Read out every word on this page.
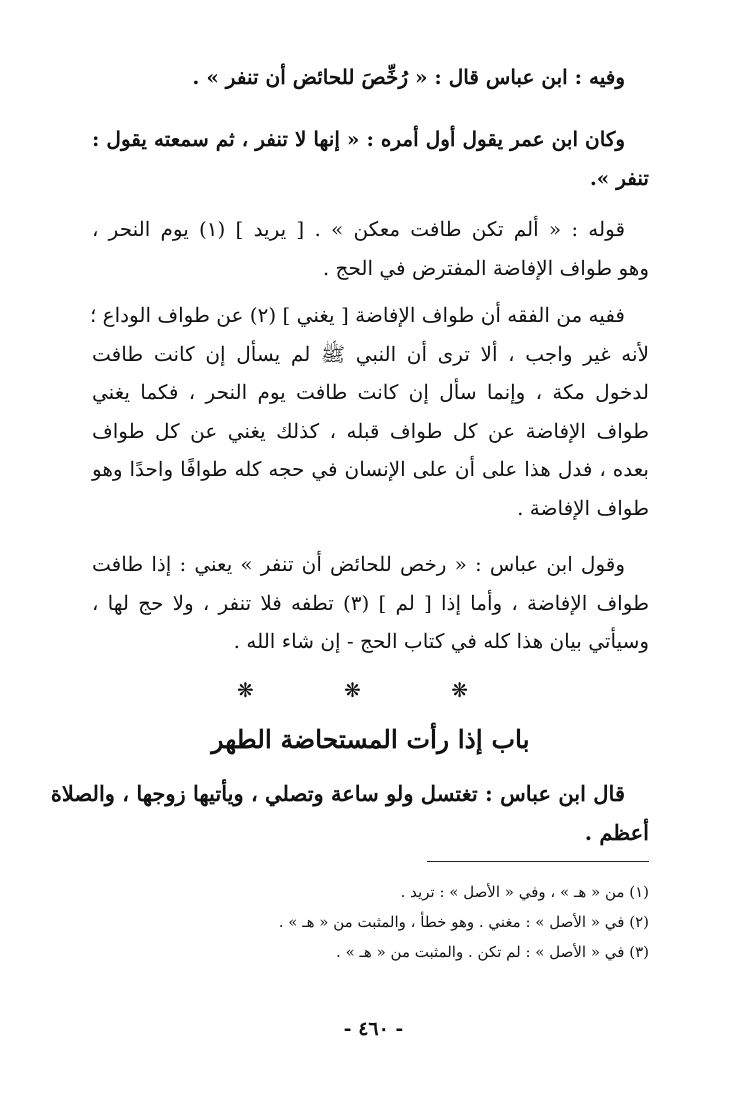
وفيه : ابن عباس قال : « رُخِّصَ للحائض أن تنفر » .
وكان ابن عمر يقول أول أمره : « إنها لا تنفر ، ثم سمعته يقول :
تنفر ».
قوله : « ألم تكن طافت معكن » . [ يريد ] (١) يوم النحر ،
وهو طواف الإفاضة المفترض في الحج .
ففيه من الفقه أن طواف الإفاضة [ يغني ] (٢) عن طواف الوداع ؛
لأنه غير واجب ، ألا ترى أن النبي ﷺ لم يسأل إن كانت طافت
لدخول مكة ، وإنما سأل إن كانت طافت يوم النحر ، فكما يغني
طواف الإفاضة عن كل طواف قبله ، كذلك يغني عن كل طواف
بعده ، فدل هذا على أن على الإنسان في حجه كله طوافًا واحدًا وهو
طواف الإفاضة .
وقول ابن عباس : « رخص للحائض أن تنفر » يعني : إذا طافت
طواف الإفاضة ، وأما إذا [ لم ] (٣) تطفه فلا تنفر ، ولا حج لها ،
وسيأتي بيان هذا كله في كتاب الحج - إن شاء الله .
❋ ❋ ❋
باب إذا رأت المستحاضة الطهر
قال ابن عباس : تغتسل ولو ساعة وتصلي ، ويأتيها زوجها ، والصلاة
أعظم .
(١) من « هـ » ، وفي « الأصل » : تريد .
(٢) في « الأصل » : مغني . وهو خطأ ، والمثبت من « هـ » .
(٣) في « الأصل » : لم تكن . والمثبت من « هـ » .
- ٤٦٠ -
